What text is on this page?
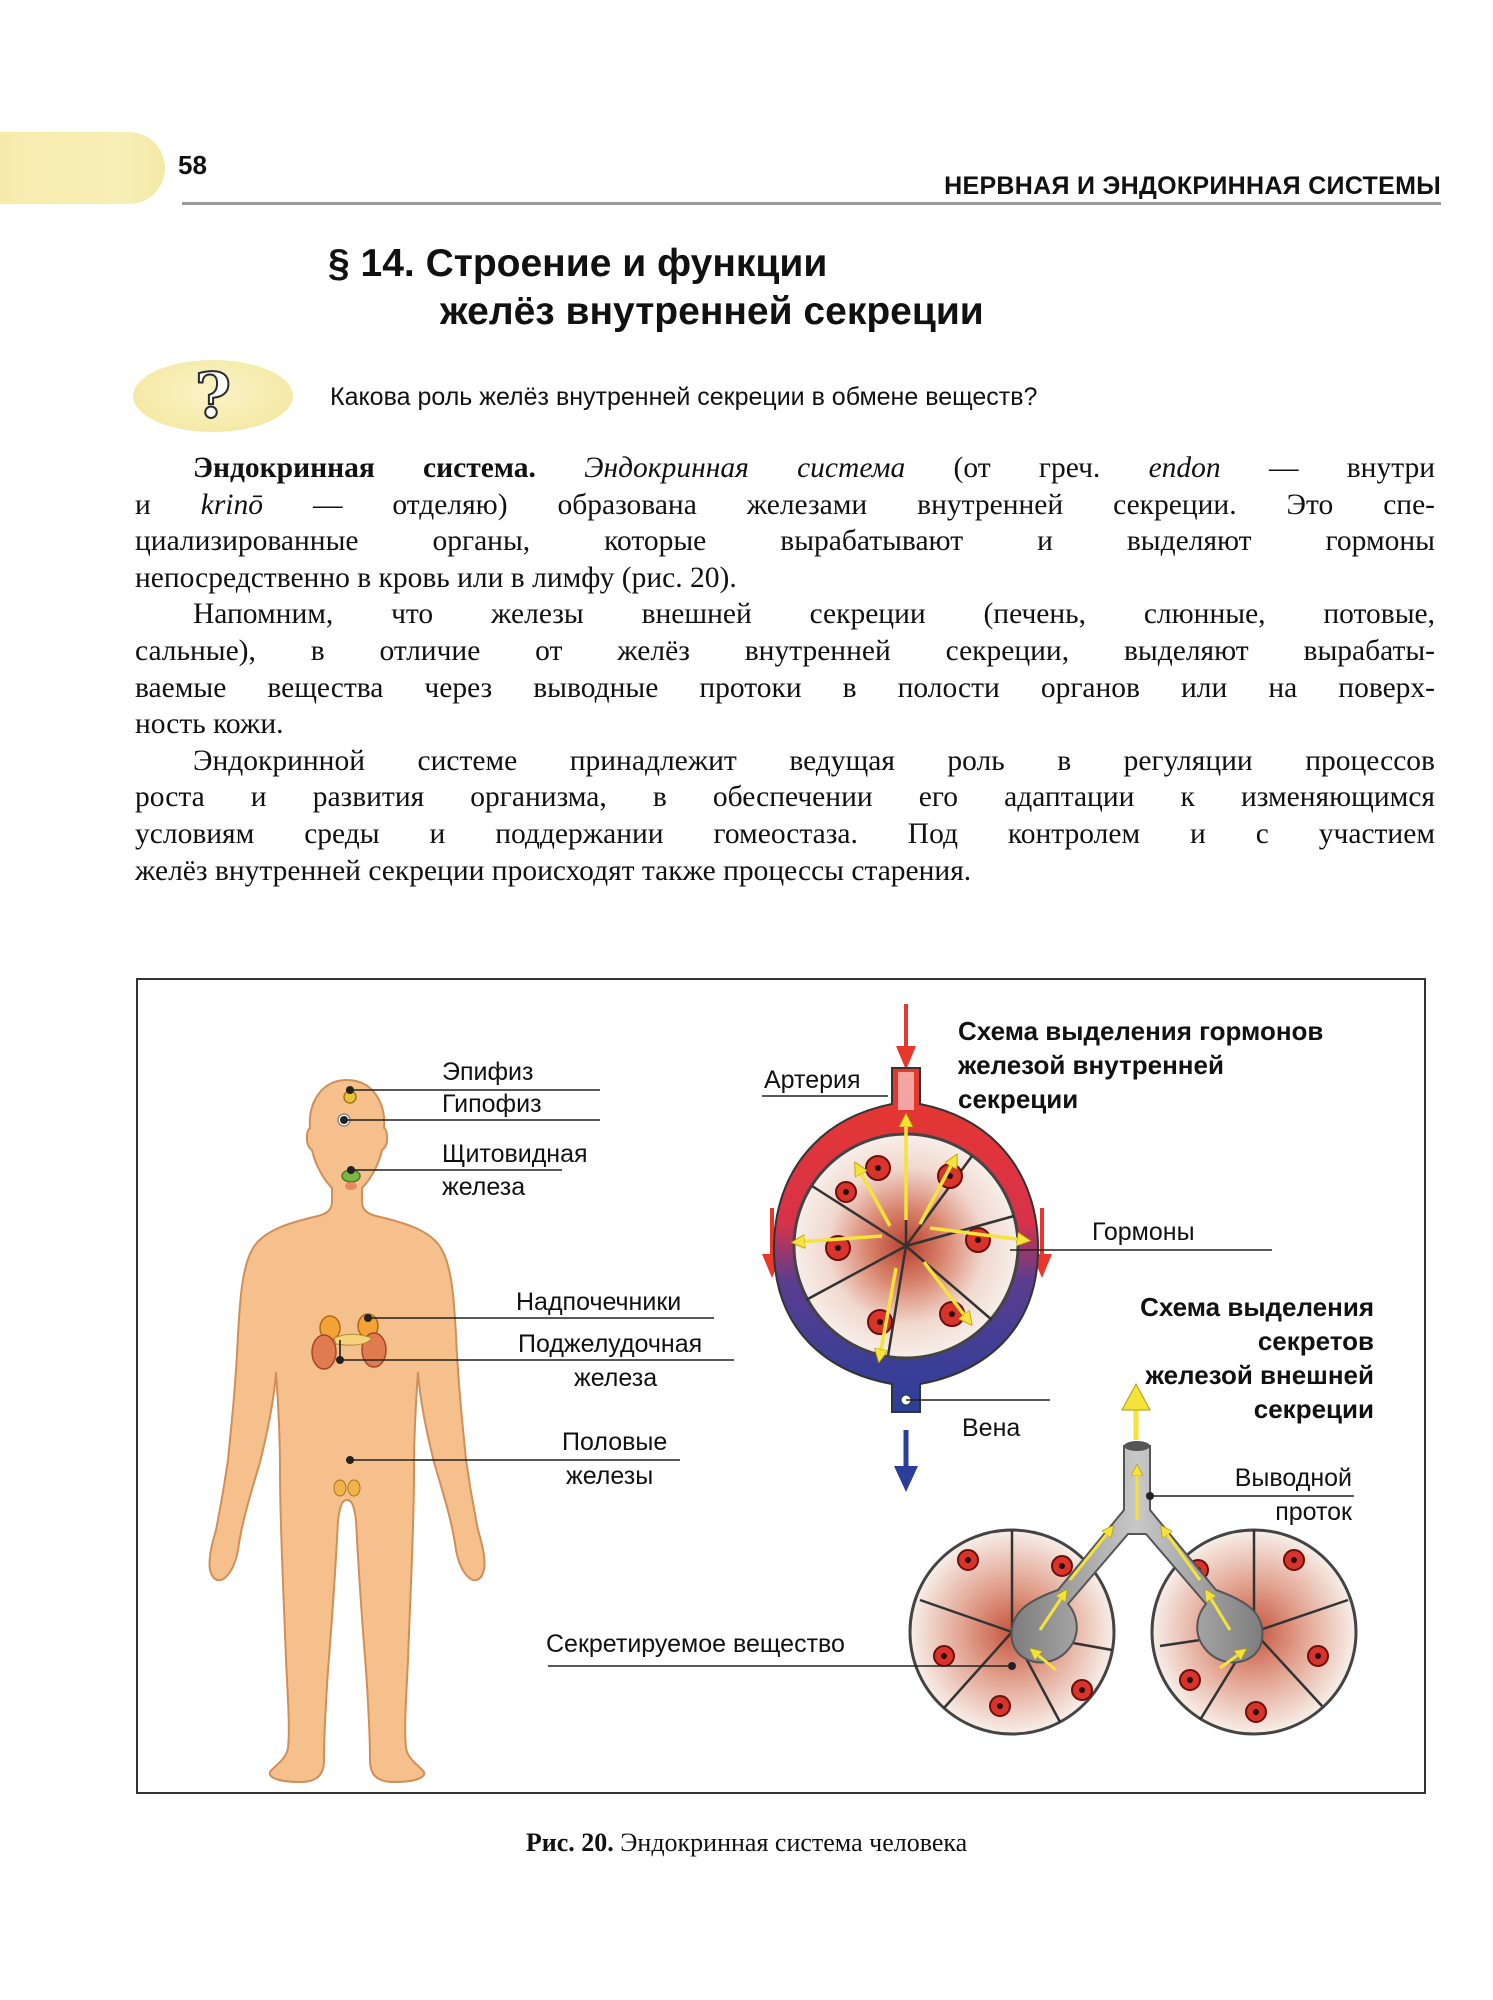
58
НЕРВНАЯ И ЭНДОКРИННАЯ СИСТЕМЫ
§ 14. Строение и функции
желёз внутренней секреции
?	Какова роль желёз внутренней секреции в обмене веществ?

Эндокринная система. Эндокринная система (от греч. endon — внутри

и krinō — отделяю) образована железами внутренней секреции. Это спе-

циализированные органы, которые вырабатывают и выделяют гормоны

непосредственно в кровь или в лимфу (рис. 20).

Напомним, что железы внешней секреции (печень, слюнные, потовые,

сальные), в отличие от желёз внутренней секреции, выделяют вырабаты-

ваемые вещества через выводные протоки в полости органов или на поверх-

ность кожи.

Эндокринной системе принадлежит ведущая роль в регуляции процессов

роста и развития организма, в обеспечении его адаптации к изменяющимся

условиям среды и поддержании гомеостаза. Под контролем и с участием

желёз внутренней секреции происходят также процессы старения.

Эпифиз
Гипофиз
Щитовидная
железа
Надпочечники
Поджелудочная
железа
Половые
железы
Схема выделения гормонов
железой внутренней
секреции
Артерия
Гормоны
Вена
Схема выделения
секретов
железой внешней
секреции
Выводной
проток
Секретируемое вещество
Рис. 20. Эндокринная система человека
